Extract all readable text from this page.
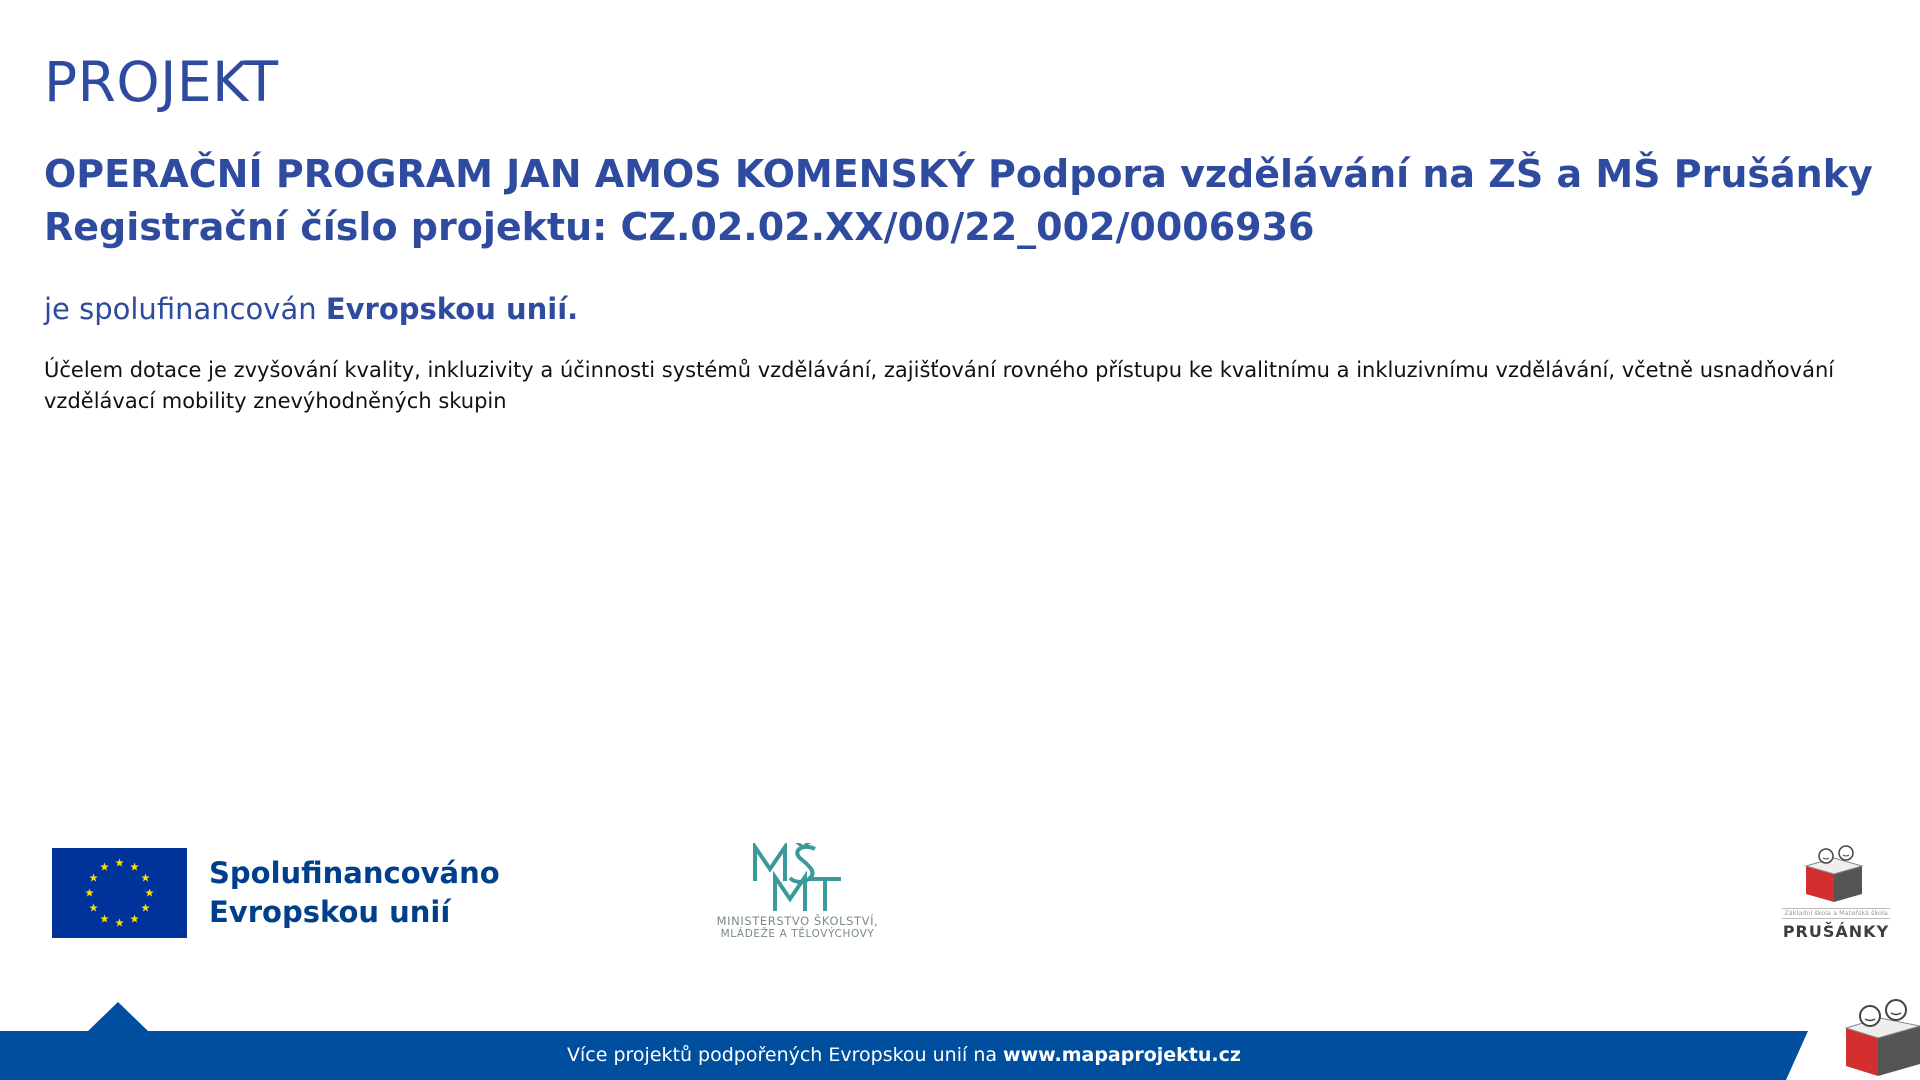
PROJEKT
OPERAČNÍ PROGRAM JAN AMOS KOMENSKÝ Podpora vzdělávání na ZŠ a MŠ Prušánky
Registrační číslo projektu: CZ.02.02.XX/00/22_002/0006936
je spolufinancován Evropskou unií.
Účelem dotace je zvyšování kvality, inkluzivity a účinnosti systémů vzdělávání, zajišťování rovného přístupu ke kvalitnímu a inkluzivnímu vzdělávání, včetně usnadňování vzdělávací mobility znevýhodněných skupin
Spolufinancováno
Evropskou unií	MINISTERSTVO ŠKOLSTVÍ,
MLÁDEŽE A TĚLOVÝCHOVY
Základní škola a Mateřská škola
PRUŠÁNKY
Více projektů podpořených Evropskou unií na www.mapaprojektu.cz
